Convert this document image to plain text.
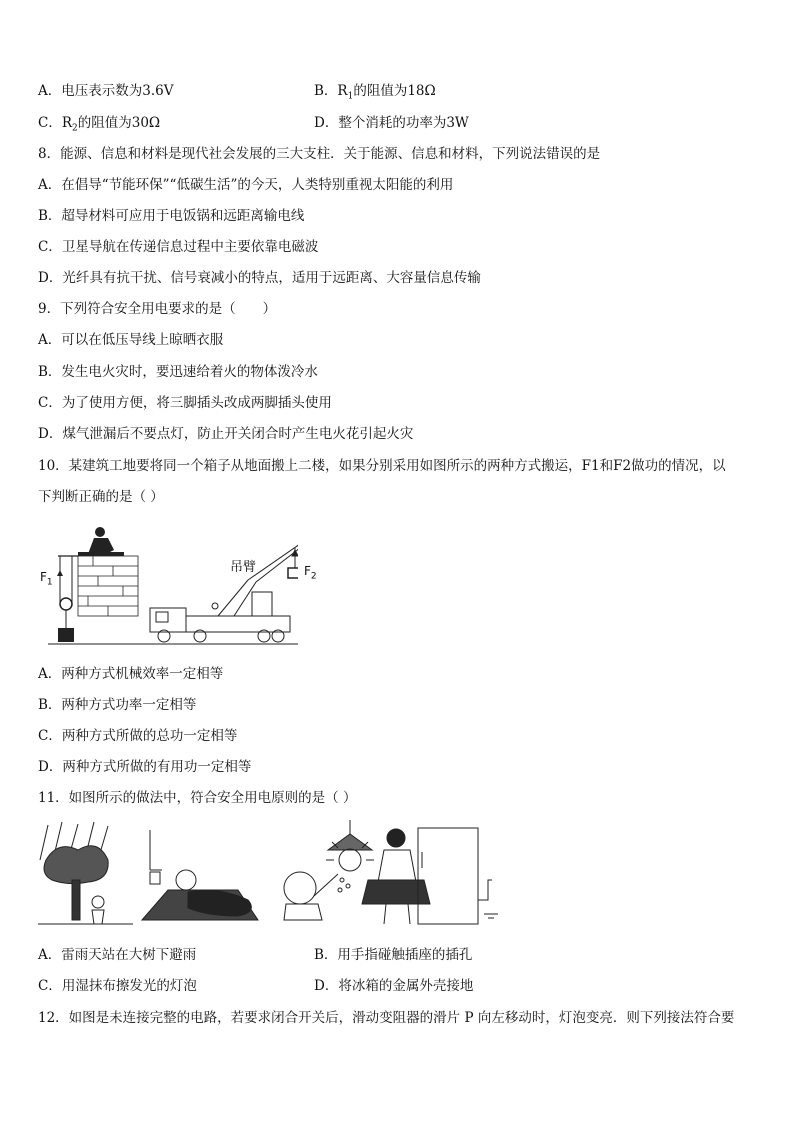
A．电压表示数为3.6V	B．$R_1$的阻值为18Ω
C．$R_2$的阻值为30Ω	D．整个消耗的功率为3W
8．能源、信息和材料是现代社会发展的三大支柱．关于能源、信息和材料，下列说法错误的是
A．在倡导“节能环保”“低碳生活”的今天，人类特别重视太阳能的利用
B．超导材料可应用于电饭锅和远距离输电线
C．卫星导航在传递信息过程中主要依靠电磁波
D．光纤具有抗干扰、信号衰减小的特点，适用于远距离、大容量信息传输
9．下列符合安全用电要求的是（　　）
A．可以在低压导线上晾晒衣服
B．发生电火灾时，要迅速给着火的物体泼冷水
C．为了使用方便，将三脚插头改成两脚插头使用
D．煤气泄漏后不要点灯，防止开关闭合时产生电火花引起火灾
10．某建筑工地要将同一个箱子从地面搬上二楼，如果分别采用如图所示的两种方式搬运，F1和F2做功的情况，以
下判断正确的是（ ）
$F_1$
吊臂	$F_2$
A．两种方式机械效率一定相等
B．两种方式功率一定相等
C．两种方式所做的总功一定相等
D．两种方式所做的有用功一定相等
11．如图所示的做法中，符合安全用电原则的是（ ）
A．雷雨天站在大树下避雨	B．用手指碰触插座的插孔
C．用湿抹布擦发光的灯泡	D．将冰箱的金属外壳接地
12．如图是未连接完整的电路，若要求闭合开关后，滑动变阻器的滑片 P 向左移动时，灯泡变亮．则下列接法符合要
